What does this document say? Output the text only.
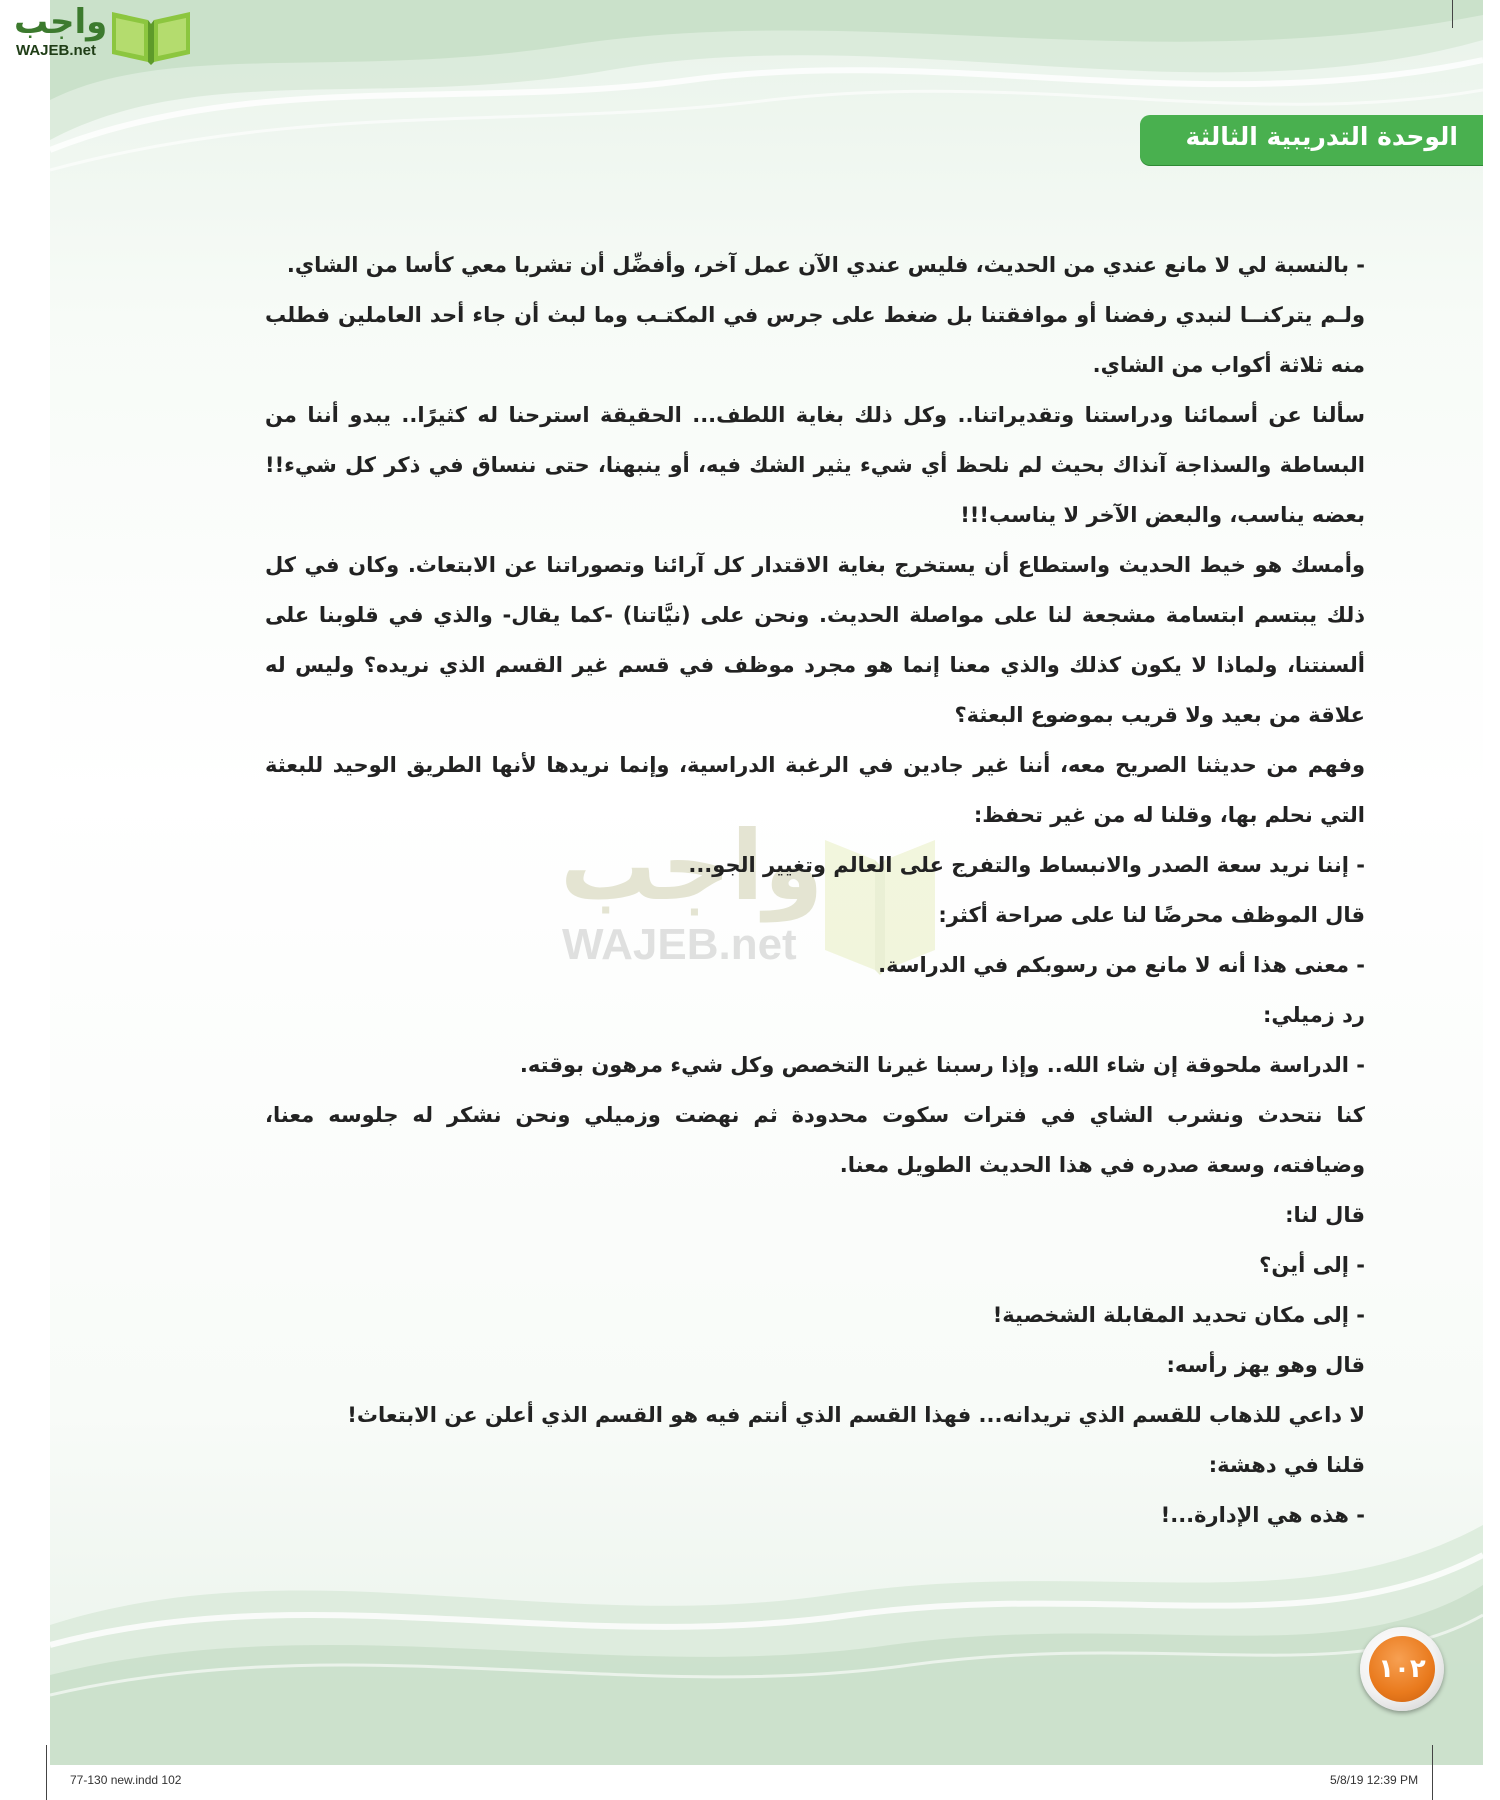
الوحدة التدريبية الثالثة
واجب
WAJEB.net

- بالنسبة لي لا مانع عندي من الحديث، فليس عندي الآن عمل آخر، وأفضِّل أن تشربا معي كأسا من الشاي.

ولـم يتركنــا لنبدي رفضنا أو موافقتنا بل ضغط على جرس في المكتـب وما لبث أن جاء أحد العاملين فطلب منه ثلاثة أكواب من الشاي.

سألنا عن أسمائنا ودراستنا وتقديراتنا.. وكل ذلك بغاية اللطف... الحقيقة استرحنا له كثيرًا.. يبدو أننا من البساطة والسذاجة آنذاك بحيث لم نلحظ أي شيء يثير الشك فيه، أو ينبهنا، حتى ننساق في ذكر كل شيء!! بعضه يناسب، والبعض الآخر لا يناسب!!!

وأمسك هو خيط الحديث واستطاع أن يستخرج بغاية الاقتدار كل آرائنا وتصوراتنا عن الابتعاث. وكان في كل ذلك يبتسم ابتسامة مشجعة لنا على مواصلة الحديث. ونحن على (نيَّاتنا) -كما يقال- والذي في قلوبنا على ألسنتنا، ولماذا لا يكون كذلك والذي معنا إنما هو مجرد موظف في قسم غير القسم الذي نريده؟ وليس له علاقة من بعيد ولا قريب بموضوع البعثة؟

وفهم من حديثنا الصريح معه، أننا غير جادين في الرغبة الدراسية، وإنما نريدها لأنها الطريق الوحيد للبعثة التي نحلم بها، وقلنا له من غير تحفظ:

- إننا نريد سعة الصدر والانبساط والتفرج على العالم وتغيير الجو...

قال الموظف محرضًا لنا على صراحة أكثر:

- معنى هذا أنه لا مانع من رسوبكم في الدراسة.

رد زميلي:

- الدراسة ملحوقة إن شاء الله.. وإذا رسبنا غيرنا التخصص وكل شيء مرهون بوقته.

كنا نتحدث ونشرب الشاي في فترات سكوت محدودة ثم نهضت وزميلي ونحن نشكر له جلوسه معنا، وضيافته، وسعة صدره في هذا الحديث الطويل معنا.

قال لنا:

- إلى أين؟

- إلى مكان تحديد المقابلة الشخصية!

قال وهو يهز رأسه:

لا داعي للذهاب للقسم الذي تريدانه... فهذا القسم الذي أنتم فيه هو القسم الذي أعلن عن الابتعاث!

قلنا في دهشة:

- هذه هي الإدارة...!

١٠٢
واجب
WAJEB.net
77-130 new.indd 102	5/8/19 12:39 PM
